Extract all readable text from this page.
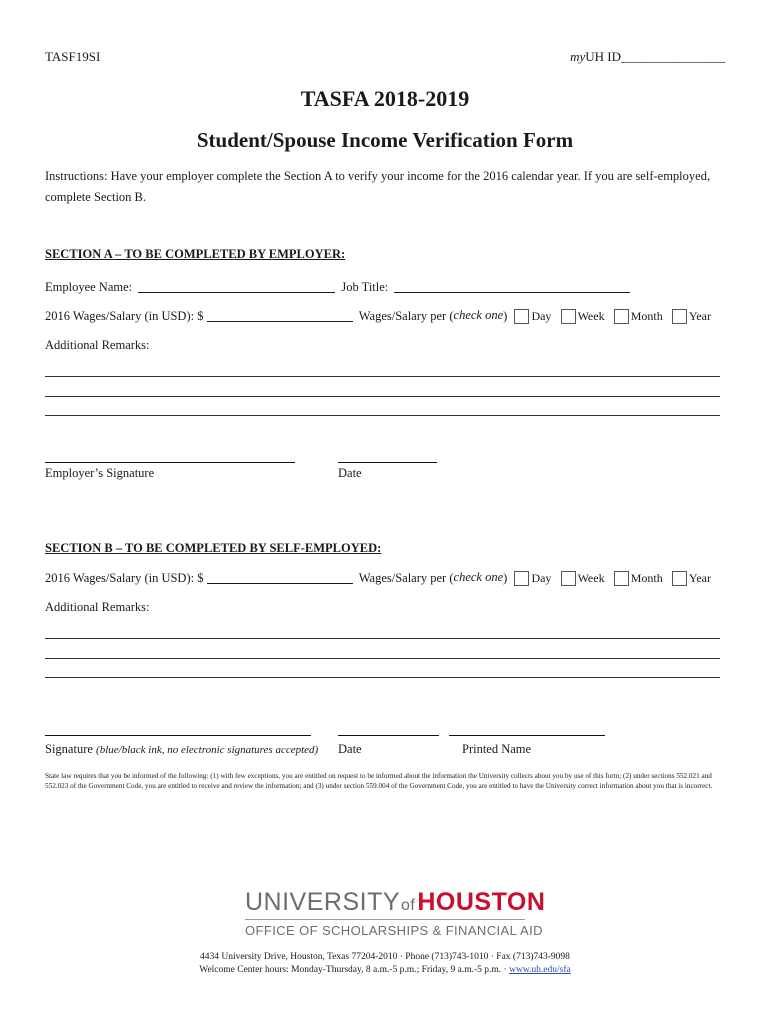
TASF19SI	myUH ID________________
TASFA 2018-2019
Student/Spouse Income Verification Form
Instructions: Have your employer complete the Section A to verify your income for the 2016 calendar year. If you are self-employed, complete Section B.
SECTION A – TO BE COMPLETED BY EMPLOYER:
Employee Name:	Job Title:
2016 Wages/Salary (in USD): $	Wages/Salary per (check one) Day Week Month Year
Additional Remarks:
Employer’s Signature	Date
SECTION B – TO BE COMPLETED BY SELF-EMPLOYED:
2016 Wages/Salary (in USD): $	Wages/Salary per (check one) Day Week Month Year
Additional Remarks:
Signature (blue/black ink, no electronic signatures accepted) Date	Printed Name
State law requires that you be informed of the following: (1) with few exceptions, you are entitled on request to be informed about the information the University collects about you by use of this form; (2) under sections 552.021 and 552.023 of the Government Code, you are entitled to receive and review the information; and (3) under section 559.004 of the Government Code, you are entitled to have the University correct information about you that is incorrect.
UNIVERSITYofHOUSTON
OFFICE OF SCHOLARSHIPS & FINANCIAL AID
4434 University Drive, Houston, Texas 77204-2010 · Phone (713)743-1010 · Fax (713)743-9098
Welcome Center hours: Monday-Thursday, 8 a.m.-5 p.m.; Friday, 9 a.m.-5 p.m. · www.uh.edu/sfa
